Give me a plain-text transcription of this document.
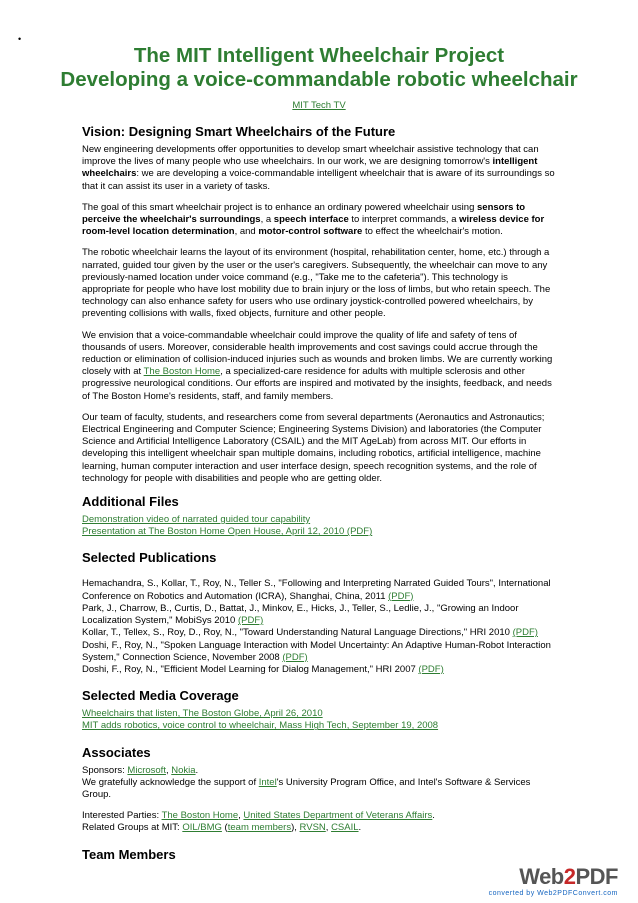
•
The MIT Intelligent Wheelchair Project
Developing a voice-commandable robotic wheelchair
MIT Tech TV
Vision: Designing Smart Wheelchairs of the Future

New engineering developments offer opportunities to develop smart wheelchair assistive technology that can improve the lives of many people who use wheelchairs. In our work, we are designing tomorrow's intelligent wheelchairs: we are developing a voice-commandable intelligent wheelchair that is aware of its surroundings so that it can assist its user in a variety of tasks.

The goal of this smart wheelchair project is to enhance an ordinary powered wheelchair using sensors to perceive the wheelchair's surroundings, a speech interface to interpret commands, a wireless device for room-level location determination, and motor-control software to effect the wheelchair's motion.

The robotic wheelchair learns the layout of its environment (hospital, rehabilitation center, home, etc.) through a narrated, guided tour given by the user or the user's caregivers. Subsequently, the wheelchair can move to any previously-named location under voice command (e.g., "Take me to the cafeteria"). This technology is appropriate for people who have lost mobility due to brain injury or the loss of limbs, but who retain speech. The technology can also enhance safety for users who use ordinary joystick-controlled powered wheelchairs, by preventing collisions with walls, fixed objects, furniture and other people.

We envision that a voice-commandable wheelchair could improve the quality of life and safety of tens of thousands of users. Moreover, considerable health improvements and cost savings could accrue through the reduction or elimination of collision-induced injuries such as wounds and broken limbs. We are currently working closely with at The Boston Home, a specialized-care residence for adults with multiple sclerosis and other progressive neurological conditions. Our efforts are inspired and motivated by the insights, feedback, and needs of The Boston Home's residents, staff, and family members.

Our team of faculty, students, and researchers come from several departments (Aeronautics and Astronautics; Electrical Engineering and Computer Science; Engineering Systems Division) and laboratories (the Computer Science and Artificial Intelligence Laboratory (CSAIL) and the MIT AgeLab) from across MIT. Our efforts in developing this intelligent wheelchair span multiple domains, including robotics, artificial intelligence, machine learning, human computer interaction and user interface design, speech recognition systems, and the role of technology for people with disabilities and people who are getting older.

Additional Files
Demonstration video of narrated guided tour capability
Presentation at The Boston Home Open House, April 12, 2010 (PDF)
Selected Publications

Hemachandra, S., Kollar, T., Roy, N., Teller S., "Following and Interpreting Narrated Guided Tours", International Conference on Robotics and Automation (ICRA), Shanghai, China, 2011 (PDF)

Park, J., Charrow, B., Curtis, D., Battat, J., Minkov, E., Hicks, J., Teller, S., Ledlie, J., "Growing an Indoor Localization System," MobiSys 2010 (PDF)

Kollar, T., Tellex, S., Roy, D., Roy, N., "Toward Understanding Natural Language Directions," HRI 2010 (PDF)

Doshi, F., Roy, N., "Spoken Language Interaction with Model Uncertainty: An Adaptive Human-Robot Interaction System," Connection Science, November 2008 (PDF)

Doshi, F., Roy, N., "Efficient Model Learning for Dialog Management," HRI 2007 (PDF)

Selected Media Coverage
Wheelchairs that listen, The Boston Globe, April 26, 2010
MIT adds robotics, voice control to wheelchair, Mass High Tech, September 19, 2008
Associates
Sponsors: Microsoft, Nokia.

We gratefully acknowledge the support of Intel's University Program Office, and Intel's Software & Services Group.

Interested Parties: The Boston Home, United States Department of Veterans Affairs.
Related Groups at MIT: OIL/BMG (team members), RVSN, CSAIL.
Team Members
Web2PDF
converted by Web2PDFConvert.com
